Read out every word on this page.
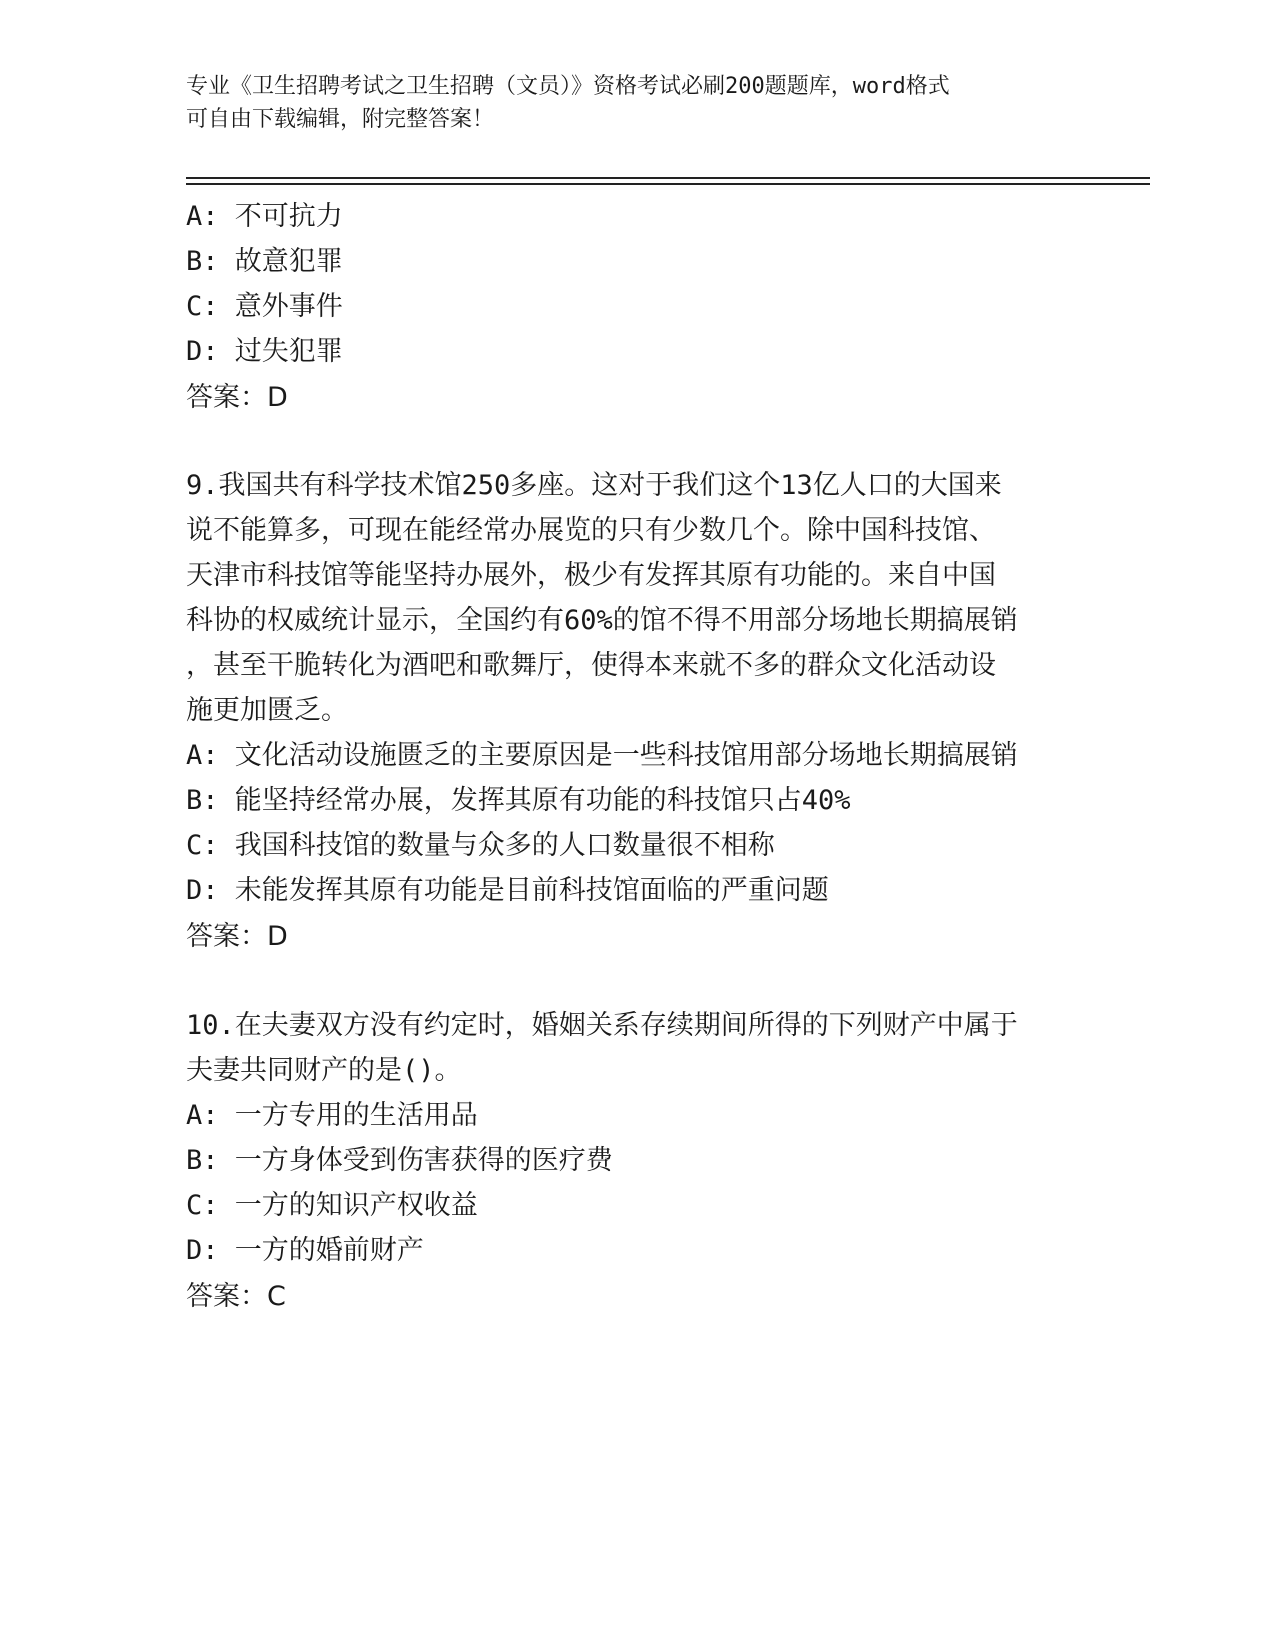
专业《卫生招聘考试之卫生招聘（文员）》资格考试必刷200题题库，word格式
可自由下载编辑，附完整答案！
A: 不可抗力
B: 故意犯罪
C: 意外事件
D: 过失犯罪
答案：D
9.我国共有科学技术馆250多座。这对于我们这个13亿人口的大国来
说不能算多，可现在能经常办展览的只有少数几个。除中国科技馆、
天津市科技馆等能坚持办展外，极少有发挥其原有功能的。来自中国
科协的权威统计显示，全国约有60%的馆不得不用部分场地长期搞展销
，甚至干脆转化为酒吧和歌舞厅，使得本来就不多的群众文化活动设
施更加匮乏。
A: 文化活动设施匮乏的主要原因是一些科技馆用部分场地长期搞展销
B: 能坚持经常办展，发挥其原有功能的科技馆只占40%
C: 我国科技馆的数量与众多的人口数量很不相称
D: 未能发挥其原有功能是目前科技馆面临的严重问题
答案：D
10.在夫妻双方没有约定时，婚姻关系存续期间所得的下列财产中属于
夫妻共同财产的是()。
A: 一方专用的生活用品
B: 一方身体受到伤害获得的医疗费
C: 一方的知识产权收益
D: 一方的婚前财产
答案：C
